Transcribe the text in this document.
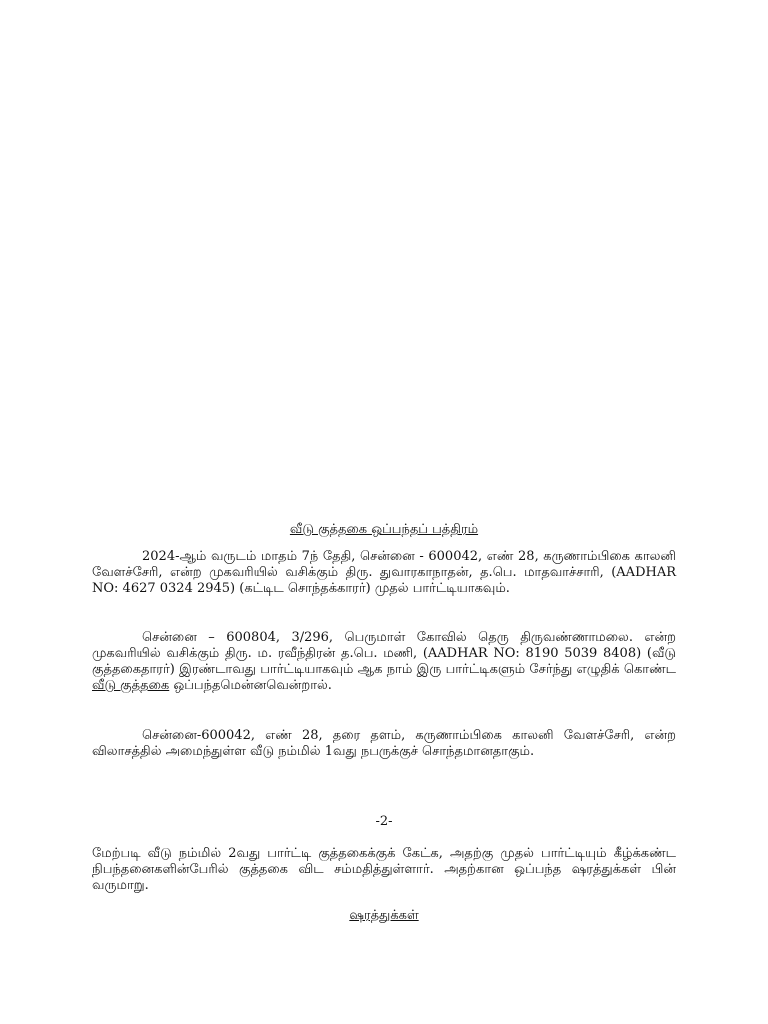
வீடு குத்தகை ஒப்பந்தப் பத்திரம்

2024-ஆம் வருடம் மாதம் 7ந் தேதி, சென்னை - 600042, எண் 28, கருணாம்பிகை காலனி வேளச்சேரி, என்ற முகவரியில் வசிக்கும் திரு. துவாரகாநாதன், த.பெ. மாதவாச்சாரி, (AADHAR NO: 4627 0324 2945) (கட்டிட சொந்தக்காரர்) முதல் பார்ட்டியாகவும்.

சென்னை – 600804, 3/296, பெருமாள் கோவில் தெரு திருவண்ணாமலை. என்ற முகவரியில் வசிக்கும் திரு. ம. ரவீந்திரன் த.பெ. மணி, (AADHAR NO: 8190 5039 8408) (வீடு குத்தகைதாரர்) இரண்டாவது பார்ட்டியாகவும் ஆக நாம் இரு பார்ட்டிகளும் சேர்ந்து எழுதிக் கொண்ட வீடு குத்தகை ஒப்பந்தமென்னவென்றால்.

சென்னை-600042, எண் 28, தரை தளம், கருணாம்பிகை காலனி வேளச்சேரி, என்ற விலாசத்தில் அமைந்துள்ள வீடு நம்மில் 1வது நபருக்குச் சொந்தமானதாகும்.

-2-

மேற்படி வீடு நம்மில் 2வது பார்ட்டி குத்தகைக்குக் கேட்க, அதற்கு முதல் பார்ட்டியும் கீழ்க்கண்ட நிபந்தனைகளின்பேரில் குத்தகை விட சம்மதித்துள்ளார். அதற்கான ஒப்பந்த ஷரத்துக்கள் பின் வருமாறு.

ஷரத்துக்கள்
